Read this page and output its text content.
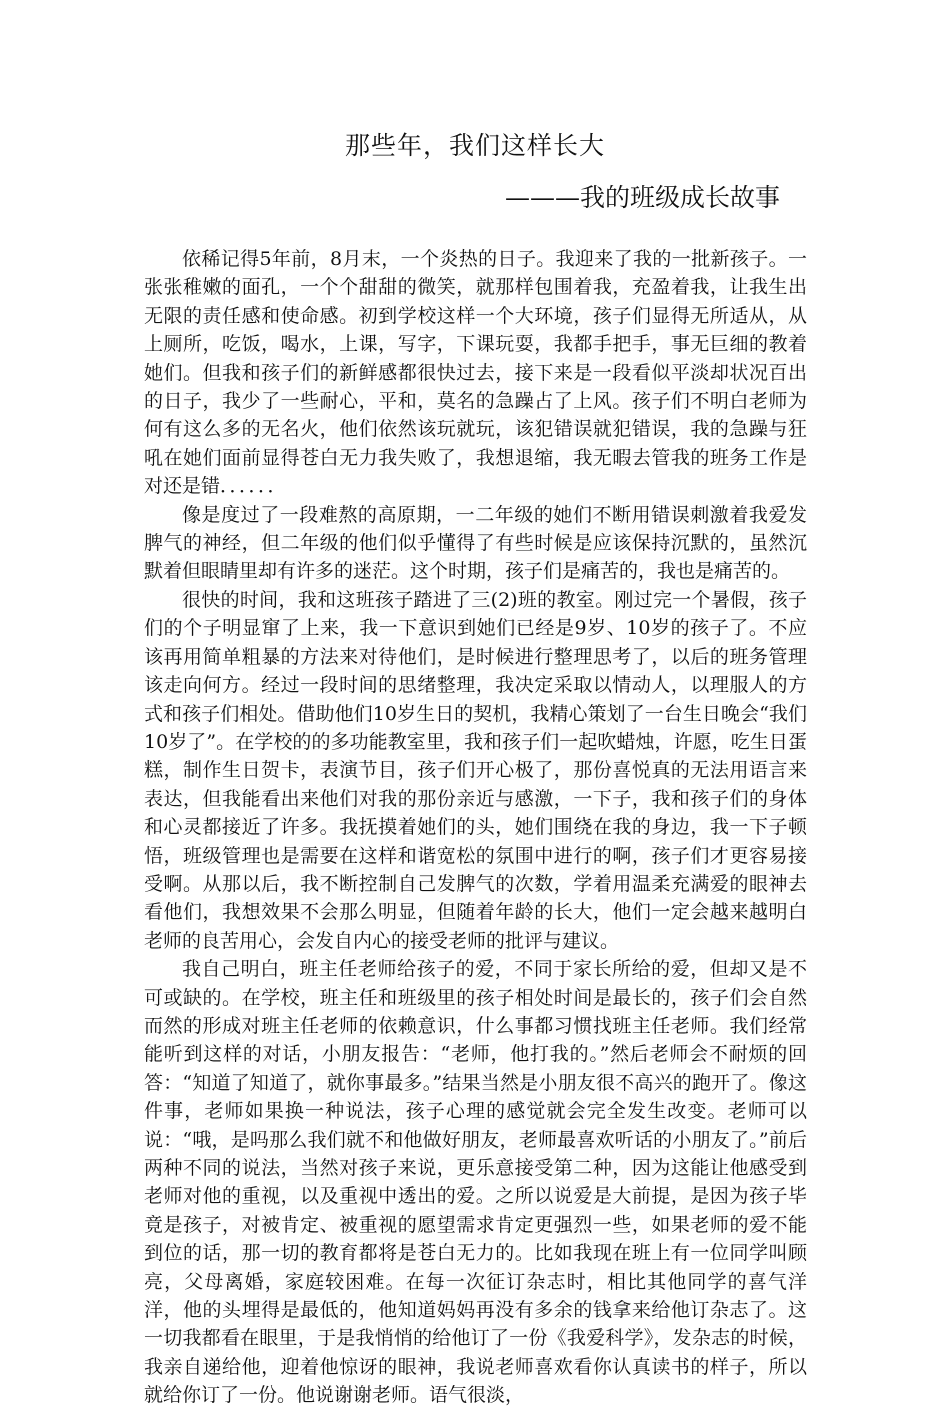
那些年，我们这样长大
———我的班级成长故事

依稀记得5年前，8月末，一个炎热的日子。我迎来了我的一批新孩子。一张张稚嫩的面孔，一个个甜甜的微笑，就那样包围着我，充盈着我，让我生出无限的责任感和使命感。初到学校这样一个大环境，孩子们显得无所适从，从上厕所，吃饭，喝水，上课，写字，下课玩耍，我都手把手，事无巨细的教着她们。但我和孩子们的新鲜感都很快过去，接下来是一段看似平淡却状况百出的日子，我少了一些耐心，平和，莫名的急躁占了上风。孩子们不明白老师为何有这么多的无名火，他们依然该玩就玩，该犯错误就犯错误，我的急躁与狂吼在她们面前显得苍白无力我失败了，我想退缩，我无暇去管我的班务工作是对还是错．．．．．．

像是度过了一段难熬的高原期，一二年级的她们不断用错误刺激着我爱发脾气的神经，但二年级的他们似乎懂得了有些时候是应该保持沉默的，虽然沉默着但眼睛里却有许多的迷茫。这个时期，孩子们是痛苦的，我也是痛苦的。

很快的时间，我和这班孩子踏进了三(2)班的教室。刚过完一个暑假，孩子们的个子明显窜了上来，我一下意识到她们已经是9岁、10岁的孩子了。不应该再用简单粗暴的方法来对待他们，是时候进行整理思考了，以后的班务管理该走向何方。经过一段时间的思绪整理，我决定采取以情动人，以理服人的方式和孩子们相处。借助他们10岁生日的契机，我精心策划了一台生日晚会“我们10岁了”。在学校的的多功能教室里，我和孩子们一起吹蜡烛，许愿，吃生日蛋糕，制作生日贺卡，表演节目，孩子们开心极了，那份喜悦真的无法用语言来表达，但我能看出来他们对我的那份亲近与感激，一下子，我和孩子们的身体和心灵都接近了许多。我抚摸着她们的头，她们围绕在我的身边，我一下子顿悟，班级管理也是需要在这样和谐宽松的氛围中进行的啊，孩子们才更容易接受啊。从那以后，我不断控制自己发脾气的次数，学着用温柔充满爱的眼神去看他们，我想效果不会那么明显，但随着年龄的长大，他们一定会越来越明白老师的良苦用心，会发自内心的接受老师的批评与建议。

我自己明白，班主任老师给孩子的爱，不同于家长所给的爱，但却又是不可或缺的。在学校，班主任和班级里的孩子相处时间是最长的，孩子们会自然而然的形成对班主任老师的依赖意识，什么事都习惯找班主任老师。我们经常能听到这样的对话，小朋友报告：“老师，他打我的。”然后老师会不耐烦的回答：“知道了知道了，就你事最多。”结果当然是小朋友很不高兴的跑开了。像这件事，老师如果换一种说法，孩子心理的感觉就会完全发生改变。老师可以说：“哦，是吗那么我们就不和他做好朋友，老师最喜欢听话的小朋友了。”前后两种不同的说法，当然对孩子来说，更乐意接受第二种，因为这能让他感受到老师对他的重视，以及重视中透出的爱。之所以说爱是大前提，是因为孩子毕竟是孩子，对被肯定、被重视的愿望需求肯定更强烈一些，如果老师的爱不能到位的话，那一切的教育都将是苍白无力的。比如我现在班上有一位同学叫顾亮，父母离婚，家庭较困难。在每一次征订杂志时，相比其他同学的喜气洋洋，他的头埋得是最低的，他知道妈妈再没有多余的钱拿来给他订杂志了。这一切我都看在眼里，于是我悄悄的给他订了一份《我爱科学》，发杂志的时候，我亲自递给他，迎着他惊讶的眼神，我说老师喜欢看你认真读书的样子，所以就给你订了一份。他说谢谢老师。语气很淡，
